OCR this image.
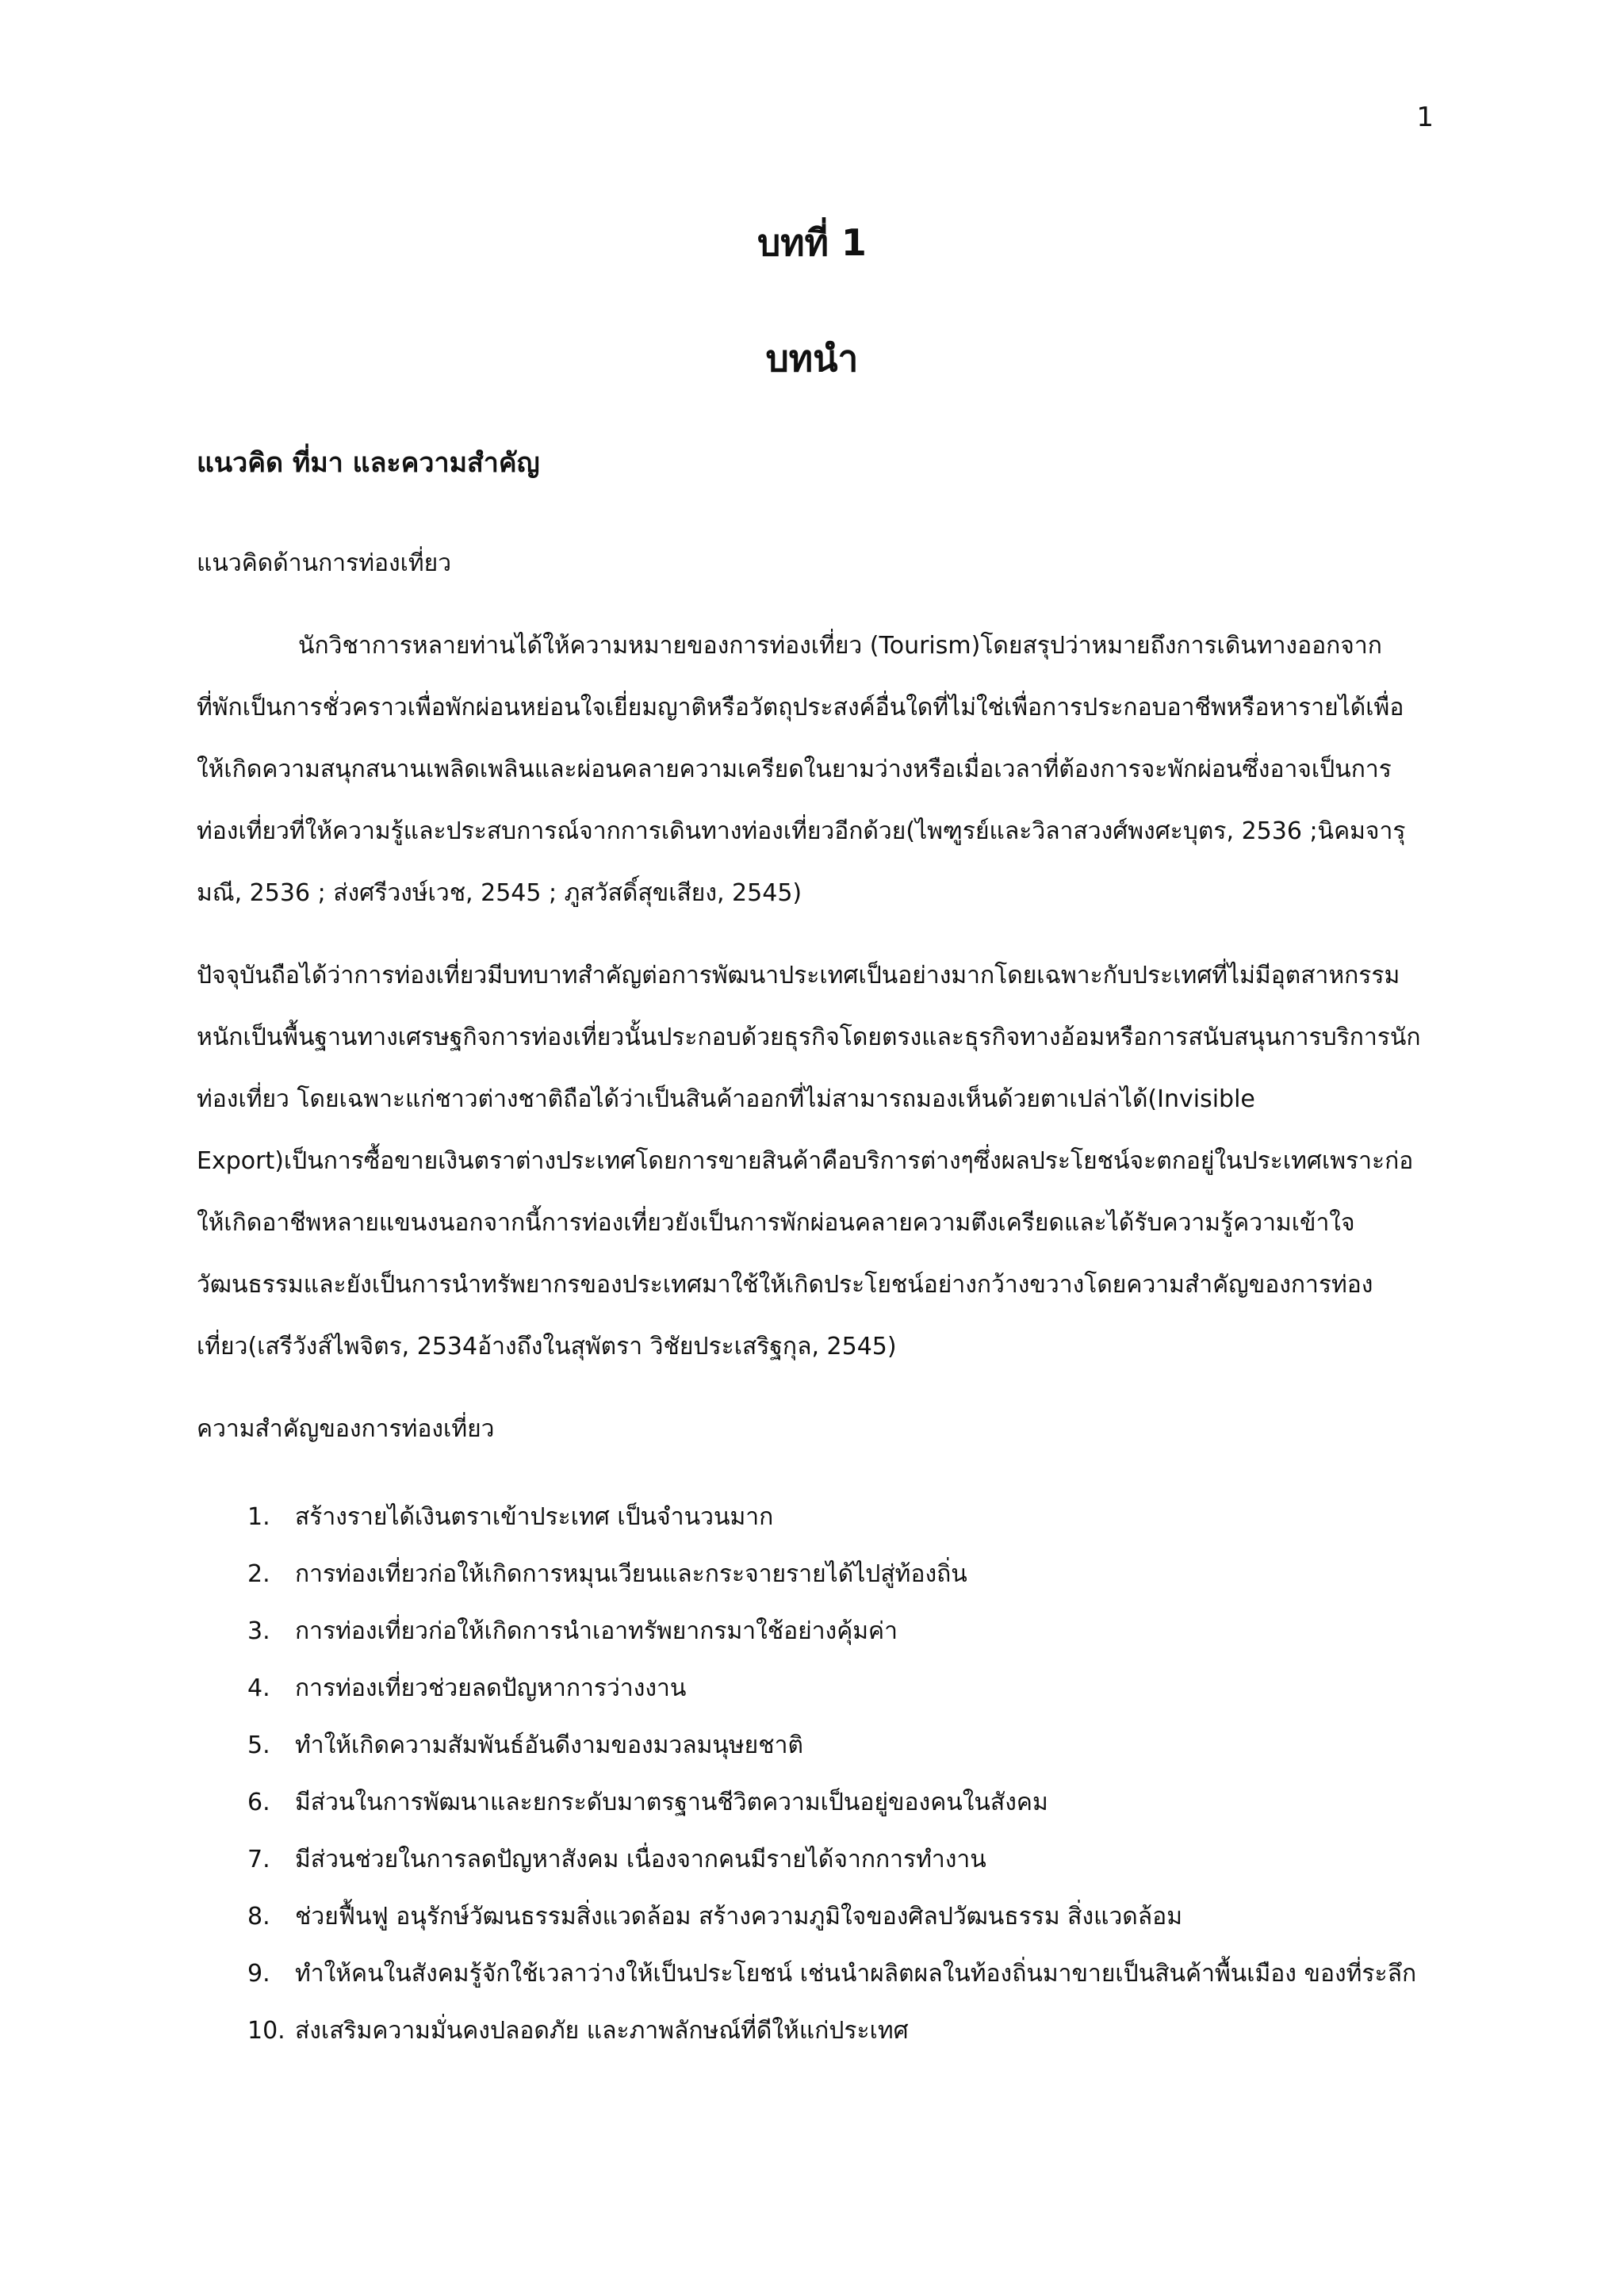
1
บทที่ 1
บทนำ
แนวคิด ที่มา และความสำคัญ

แนวคิดด้านการท่องเที่ยว

นักวิชาการหลายท่านได้ให้ความหมายของการท่องเที่ยว (Tourism)โดยสรุปว่าหมายถึงการเดินทางออกจากที่พักเป็นการชั่วคราวเพื่อพักผ่อนหย่อนใจเยี่ยมญาติหรือวัตถุประสงค์อื่นใดที่ไม่ใช่เพื่อการประกอบอาชีพหรือหารายได้เพื่อให้เกิดความสนุกสนานเพลิดเพลินและผ่อนคลายความเครียดในยามว่างหรือเมื่อเวลาที่ต้องการจะพักผ่อนซึ่งอาจเป็นการท่องเที่ยวที่ให้ความรู้และประสบการณ์จากการเดินทางท่องเที่ยวอีกด้วย(ไพฑูรย์และวิลาสวงศ์พงศะบุตร, 2536 ;นิคมจารุมณี, 2536 ; ส่งศรีวงษ์เวช, 2545 ; ภูสวัสดิ์สุขเสียง, 2545)

ปัจจุบันถือได้ว่าการท่องเที่ยวมีบทบาทสำคัญต่อการพัฒนาประเทศเป็นอย่างมากโดยเฉพาะกับประเทศที่ไม่มีอุตสาหกรรมหนักเป็นพื้นฐานทางเศรษฐกิจการท่องเที่ยวนั้นประกอบด้วยธุรกิจโดยตรงและธุรกิจทางอ้อมหรือการสนับสนุนการบริการนักท่องเที่ยว โดยเฉพาะแก่ชาวต่างชาติถือได้ว่าเป็นสินค้าออกที่ไม่สามารถมองเห็นด้วยตาเปล่าได้(Invisible Export)เป็นการซื้อขายเงินตราต่างประเทศโดยการขายสินค้าคือบริการต่างๆซึ่งผลประโยชน์จะตกอยู่ในประเทศเพราะก่อให้เกิดอาชีพหลายแขนงนอกจากนี้การท่องเที่ยวยังเป็นการพักผ่อนคลายความตึงเครียดและได้รับความรู้ความเข้าใจวัฒนธรรมและยังเป็นการนำทรัพยากรของประเทศมาใช้ให้เกิดประโยชน์อย่างกว้างขวางโดยความสำคัญของการท่องเที่ยว(เสรีวังส์ไพจิตร, 2534อ้างถึงในสุพัตรา วิชัยประเสริฐกุล, 2545)

ความสำคัญของการท่องเที่ยว

1.	สร้างรายได้เงินตราเข้าประเทศ เป็นจำนวนมาก
2.	การท่องเที่ยวก่อให้เกิดการหมุนเวียนและกระจายรายได้ไปสู่ท้องถิ่น
3.	การท่องเที่ยวก่อให้เกิดการนำเอาทรัพยากรมาใช้อย่างคุ้มค่า
4.	การท่องเที่ยวช่วยลดปัญหาการว่างงาน
5.	ทำให้เกิดความสัมพันธ์อันดีงามของมวลมนุษยชาติ
6.	มีส่วนในการพัฒนาและยกระดับมาตรฐานชีวิตความเป็นอยู่ของคนในสังคม
7.	มีส่วนช่วยในการลดปัญหาสังคม เนื่องจากคนมีรายได้จากการทำงาน
8.	ช่วยฟื้นฟู อนุรักษ์วัฒนธรรมสิ่งแวดล้อม สร้างความภูมิใจของศิลปวัฒนธรรม สิ่งแวดล้อม
9.	ทำให้คนในสังคมรู้จักใช้เวลาว่างให้เป็นประโยชน์ เช่นนำผลิตผลในท้องถิ่นมาขายเป็นสินค้าพื้นเมือง ของที่ระลึก
10. ส่งเสริมความมั่นคงปลอดภัย และภาพลักษณ์ที่ดีให้แก่ประเทศ
